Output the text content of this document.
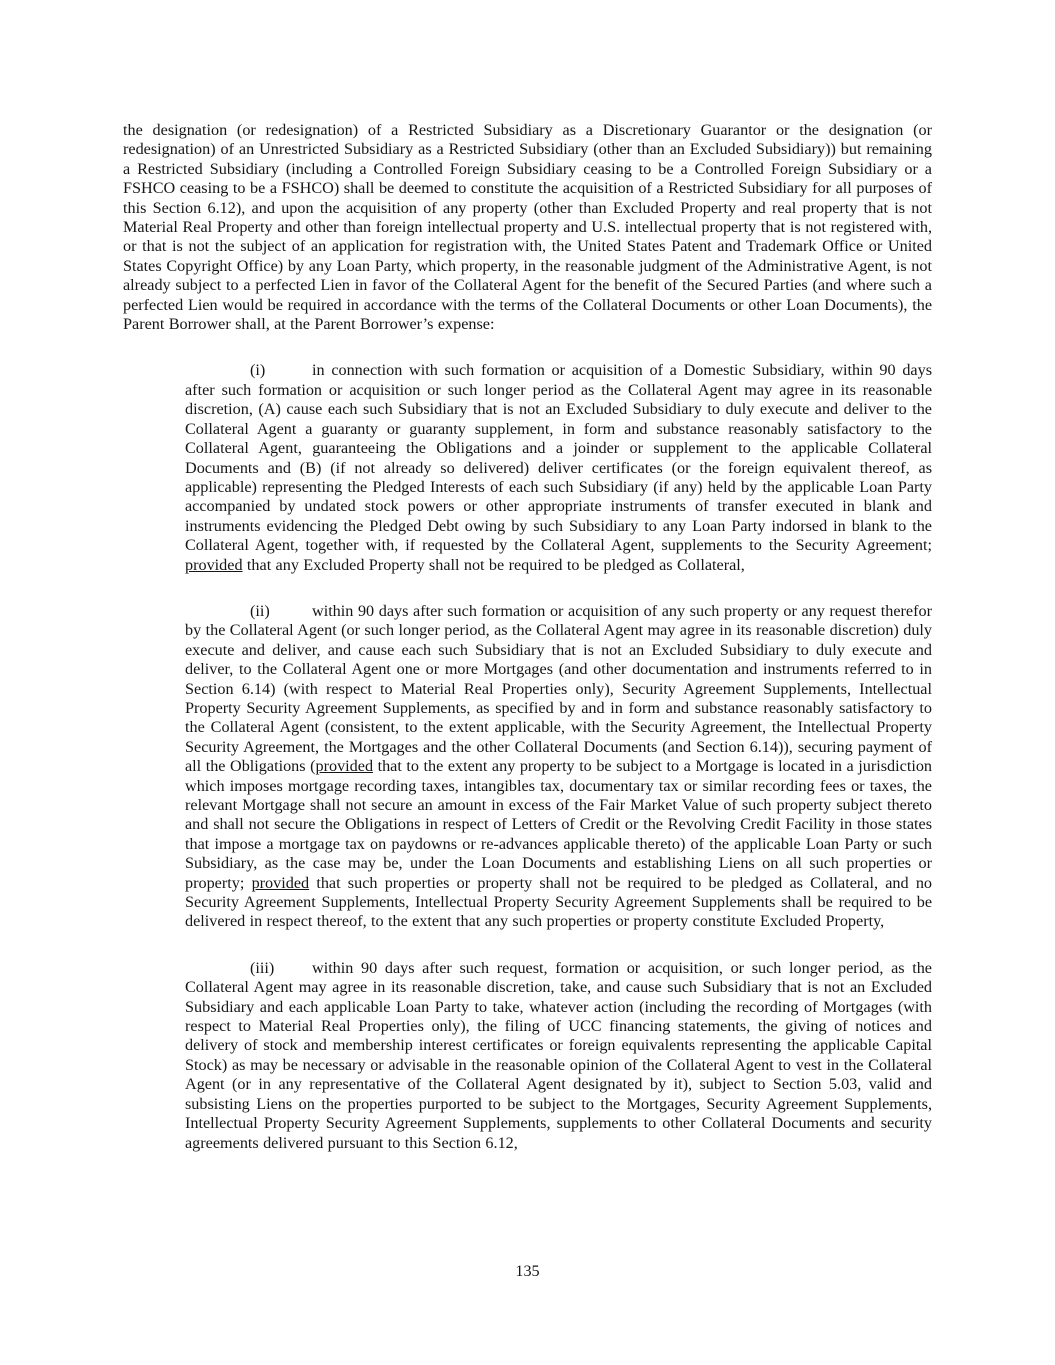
the designation (or redesignation) of a Restricted Subsidiary as a Discretionary Guarantor or the designation (or redesignation) of an Unrestricted Subsidiary as a Restricted Subsidiary (other than an Excluded Subsidiary)) but remaining a Restricted Subsidiary (including a Controlled Foreign Subsidiary ceasing to be a Controlled Foreign Subsidiary or a FSHCO ceasing to be a FSHCO) shall be deemed to constitute the acquisition of a Restricted Subsidiary for all purposes of this Section 6.12), and upon the acquisition of any property (other than Excluded Property and real property that is not Material Real Property and other than foreign intellectual property and U.S. intellectual property that is not registered with, or that is not the subject of an application for registration with, the United States Patent and Trademark Office or United States Copyright Office) by any Loan Party, which property, in the reasonable judgment of the Administrative Agent, is not already subject to a perfected Lien in favor of the Collateral Agent for the benefit of the Secured Parties (and where such a perfected Lien would be required in accordance with the terms of the Collateral Documents or other Loan Documents), the Parent Borrower shall, at the Parent Borrower’s expense:

(i)	in connection with such formation or acquisition of a Domestic Subsidiary, within 90 days after such formation or acquisition or such longer period as the Collateral Agent may agree in its reasonable discretion, (A) cause each such Subsidiary that is not an Excluded Subsidiary to duly execute and deliver to the Collateral Agent a guaranty or guaranty supplement, in form and substance reasonably satisfactory to the Collateral Agent, guaranteeing the Obligations and a joinder or supplement to the applicable Collateral Documents and (B) (if not already so delivered) deliver certificates (or the foreign equivalent thereof, as applicable) representing the Pledged Interests of each such Subsidiary (if any) held by the applicable Loan Party accompanied by undated stock powers or other appropriate instruments of transfer executed in blank and instruments evidencing the Pledged Debt owing by such Subsidiary to any Loan Party indorsed in blank to the Collateral Agent, together with, if requested by the Collateral Agent, supplements to the Security Agreement; provided that any Excluded Property shall not be required to be pledged as Collateral,

(ii)	within 90 days after such formation or acquisition of any such property or any request therefor by the Collateral Agent (or such longer period, as the Collateral Agent may agree in its reasonable discretion) duly execute and deliver, and cause each such Subsidiary that is not an Excluded Subsidiary to duly execute and deliver, to the Collateral Agent one or more Mortgages (and other documentation and instruments referred to in Section 6.14) (with respect to Material Real Properties only), Security Agreement Supplements, Intellectual Property Security Agreement Supplements, as specified by and in form and substance reasonably satisfactory to the Collateral Agent (consistent, to the extent applicable, with the Security Agreement, the Intellectual Property Security Agreement, the Mortgages and the other Collateral Documents (and Section 6.14)), securing payment of all the Obligations (provided that to the extent any property to be subject to a Mortgage is located in a jurisdiction which imposes mortgage recording taxes, intangibles tax, documentary tax or similar recording fees or taxes, the relevant Mortgage shall not secure an amount in excess of the Fair Market Value of such property subject thereto and shall not secure the Obligations in respect of Letters of Credit or the Revolving Credit Facility in those states that impose a mortgage tax on paydowns or re-advances applicable thereto) of the applicable Loan Party or such Subsidiary, as the case may be, under the Loan Documents and establishing Liens on all such properties or property; provided that such properties or property shall not be required to be pledged as Collateral, and no Security Agreement Supplements, Intellectual Property Security Agreement Supplements shall be required to be delivered in respect thereof, to the extent that any such properties or property constitute Excluded Property,

(iii) within 90 days after such request, formation or acquisition, or such longer period, as the Collateral Agent may agree in its reasonable discretion, take, and cause such Subsidiary that is not an Excluded Subsidiary and each applicable Loan Party to take, whatever action (including the recording of Mortgages (with respect to Material Real Properties only), the filing of UCC financing statements, the giving of notices and delivery of stock and membership interest certificates or foreign equivalents representing the applicable Capital Stock) as may be necessary or advisable in the reasonable opinion of the Collateral Agent to vest in the Collateral Agent (or in any representative of the Collateral Agent designated by it), subject to Section 5.03, valid and subsisting Liens on the properties purported to be subject to the Mortgages, Security Agreement Supplements, Intellectual Property Security Agreement Supplements, supplements to other Collateral Documents and security agreements delivered pursuant to this Section 6.12,

135
